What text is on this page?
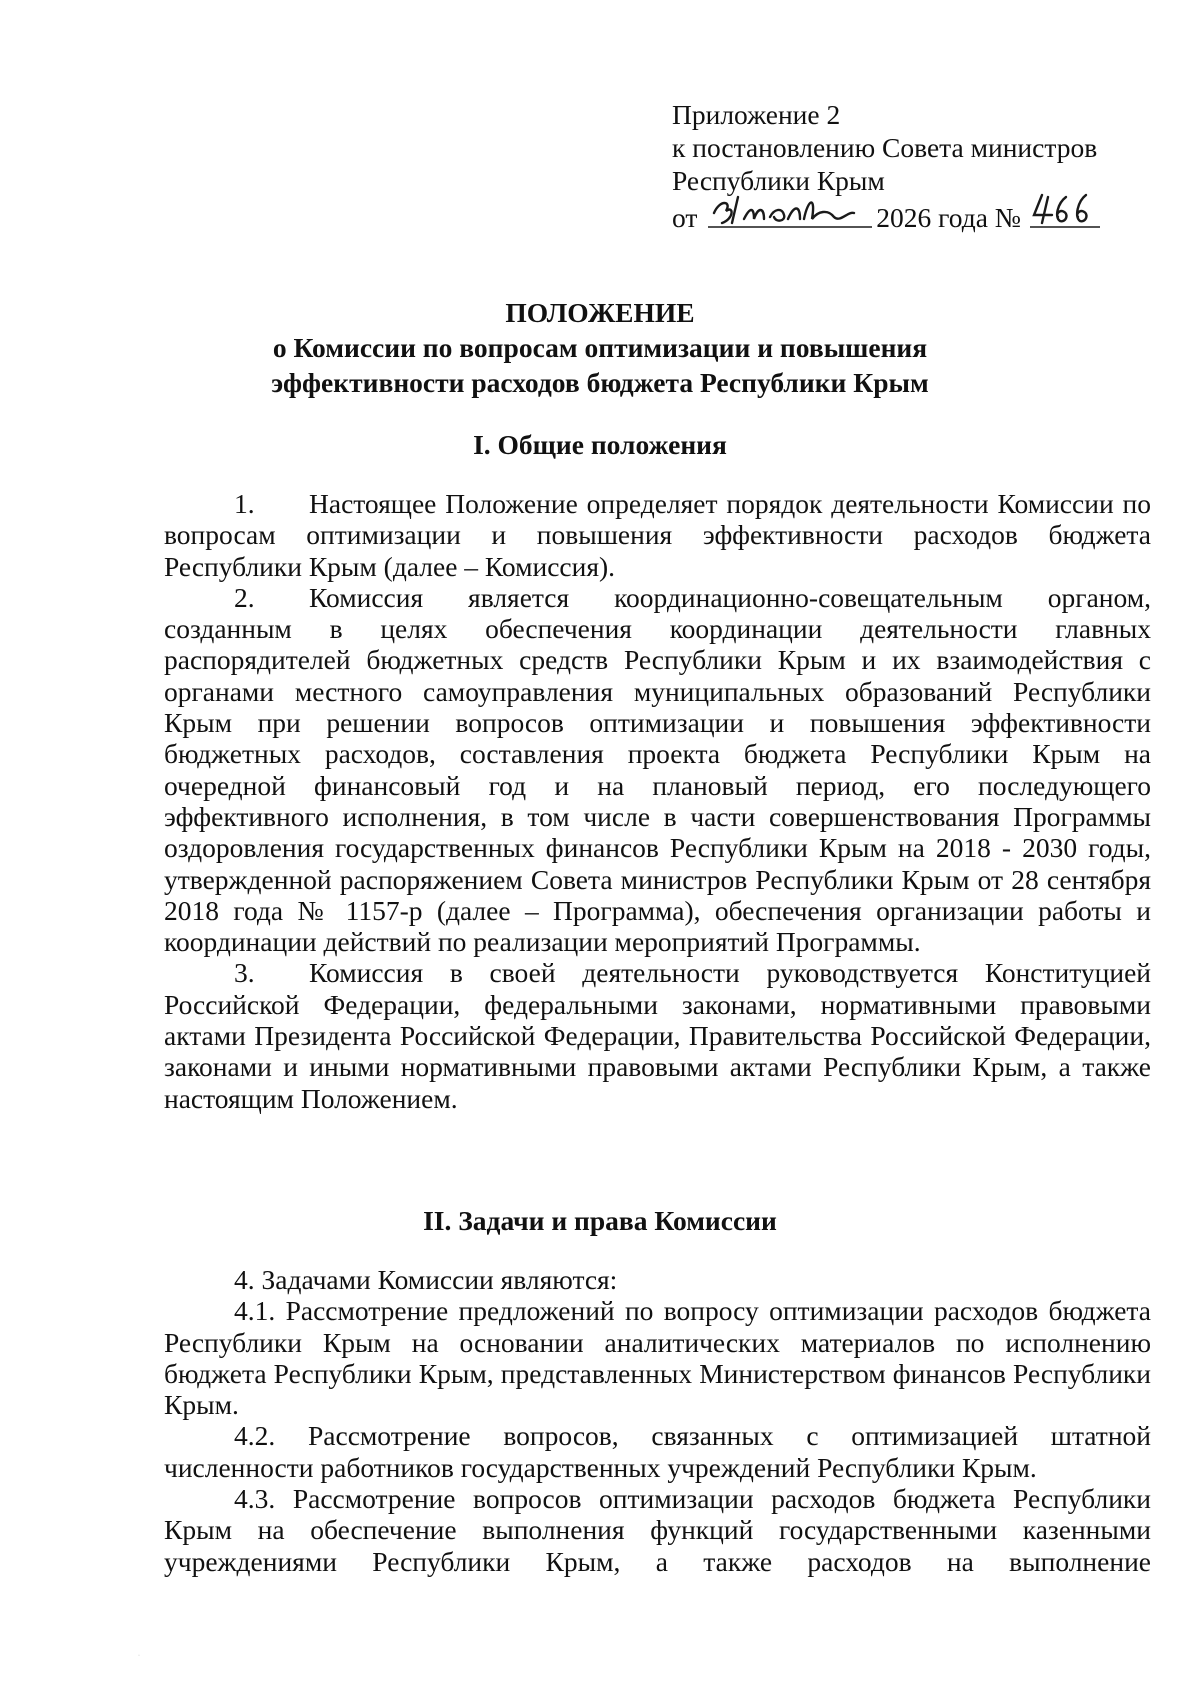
Приложение 2
к постановлению Совета министров
Республики Крым
от	2026 года №
ПОЛОЖЕНИЕ
о Комиссии по вопросам оптимизации и повышения
эффективности расходов бюджета Республики Крым
I. Общие положения

1. Настоящее Положение определяет порядок деятельности Комиссии по вопросам оптимизации и повышения эффективности расходов бюджета Республики Крым (далее – Комиссия).

2. Комиссия является координационно-совещательным органом, созданным в целях обеспечения координации деятельности главных распорядителей бюджетных средств Республики Крым и их взаимодействия с органами местного самоуправления муниципальных образований Республики Крым при решении вопросов оптимизации и повышения эффективности бюджетных расходов, составления проекта бюджета Республики Крым на очередной финансовый год и на плановый период, его последующего эффективного исполнения, в том числе в части совершенствования Программы оздоровления государственных финансов Республики Крым на 2018 - 2030 годы, утвержденной распоряжением Совета министров Республики Крым от 28 сентября 2018 года № 1157-р (далее – Программа), обеспечения организации работы и координации действий по реализации мероприятий Программы.

3. Комиссия в своей деятельности руководствуется Конституцией Российской Федерации, федеральными законами, нормативными правовыми актами Президента Российской Федерации, Правительства Российской Федерации, законами и иными нормативными правовыми актами Республики Крым, а также настоящим Положением.

II. Задачи и права Комиссии

4. Задачами Комиссии являются:

4.1. Рассмотрение предложений по вопросу оптимизации расходов бюджета Республики Крым на основании аналитических материалов по исполнению бюджета Республики Крым, представленных Министерством финансов Республики Крым.

4.2. Рассмотрение вопросов, связанных с оптимизацией штатной численности работников государственных учреждений Республики Крым.

4.3. Рассмотрение вопросов оптимизации расходов бюджета Республики Крым на обеспечение выполнения функций государственными казенными учреждениями Республики Крым, а также расходов на выполнение

·
